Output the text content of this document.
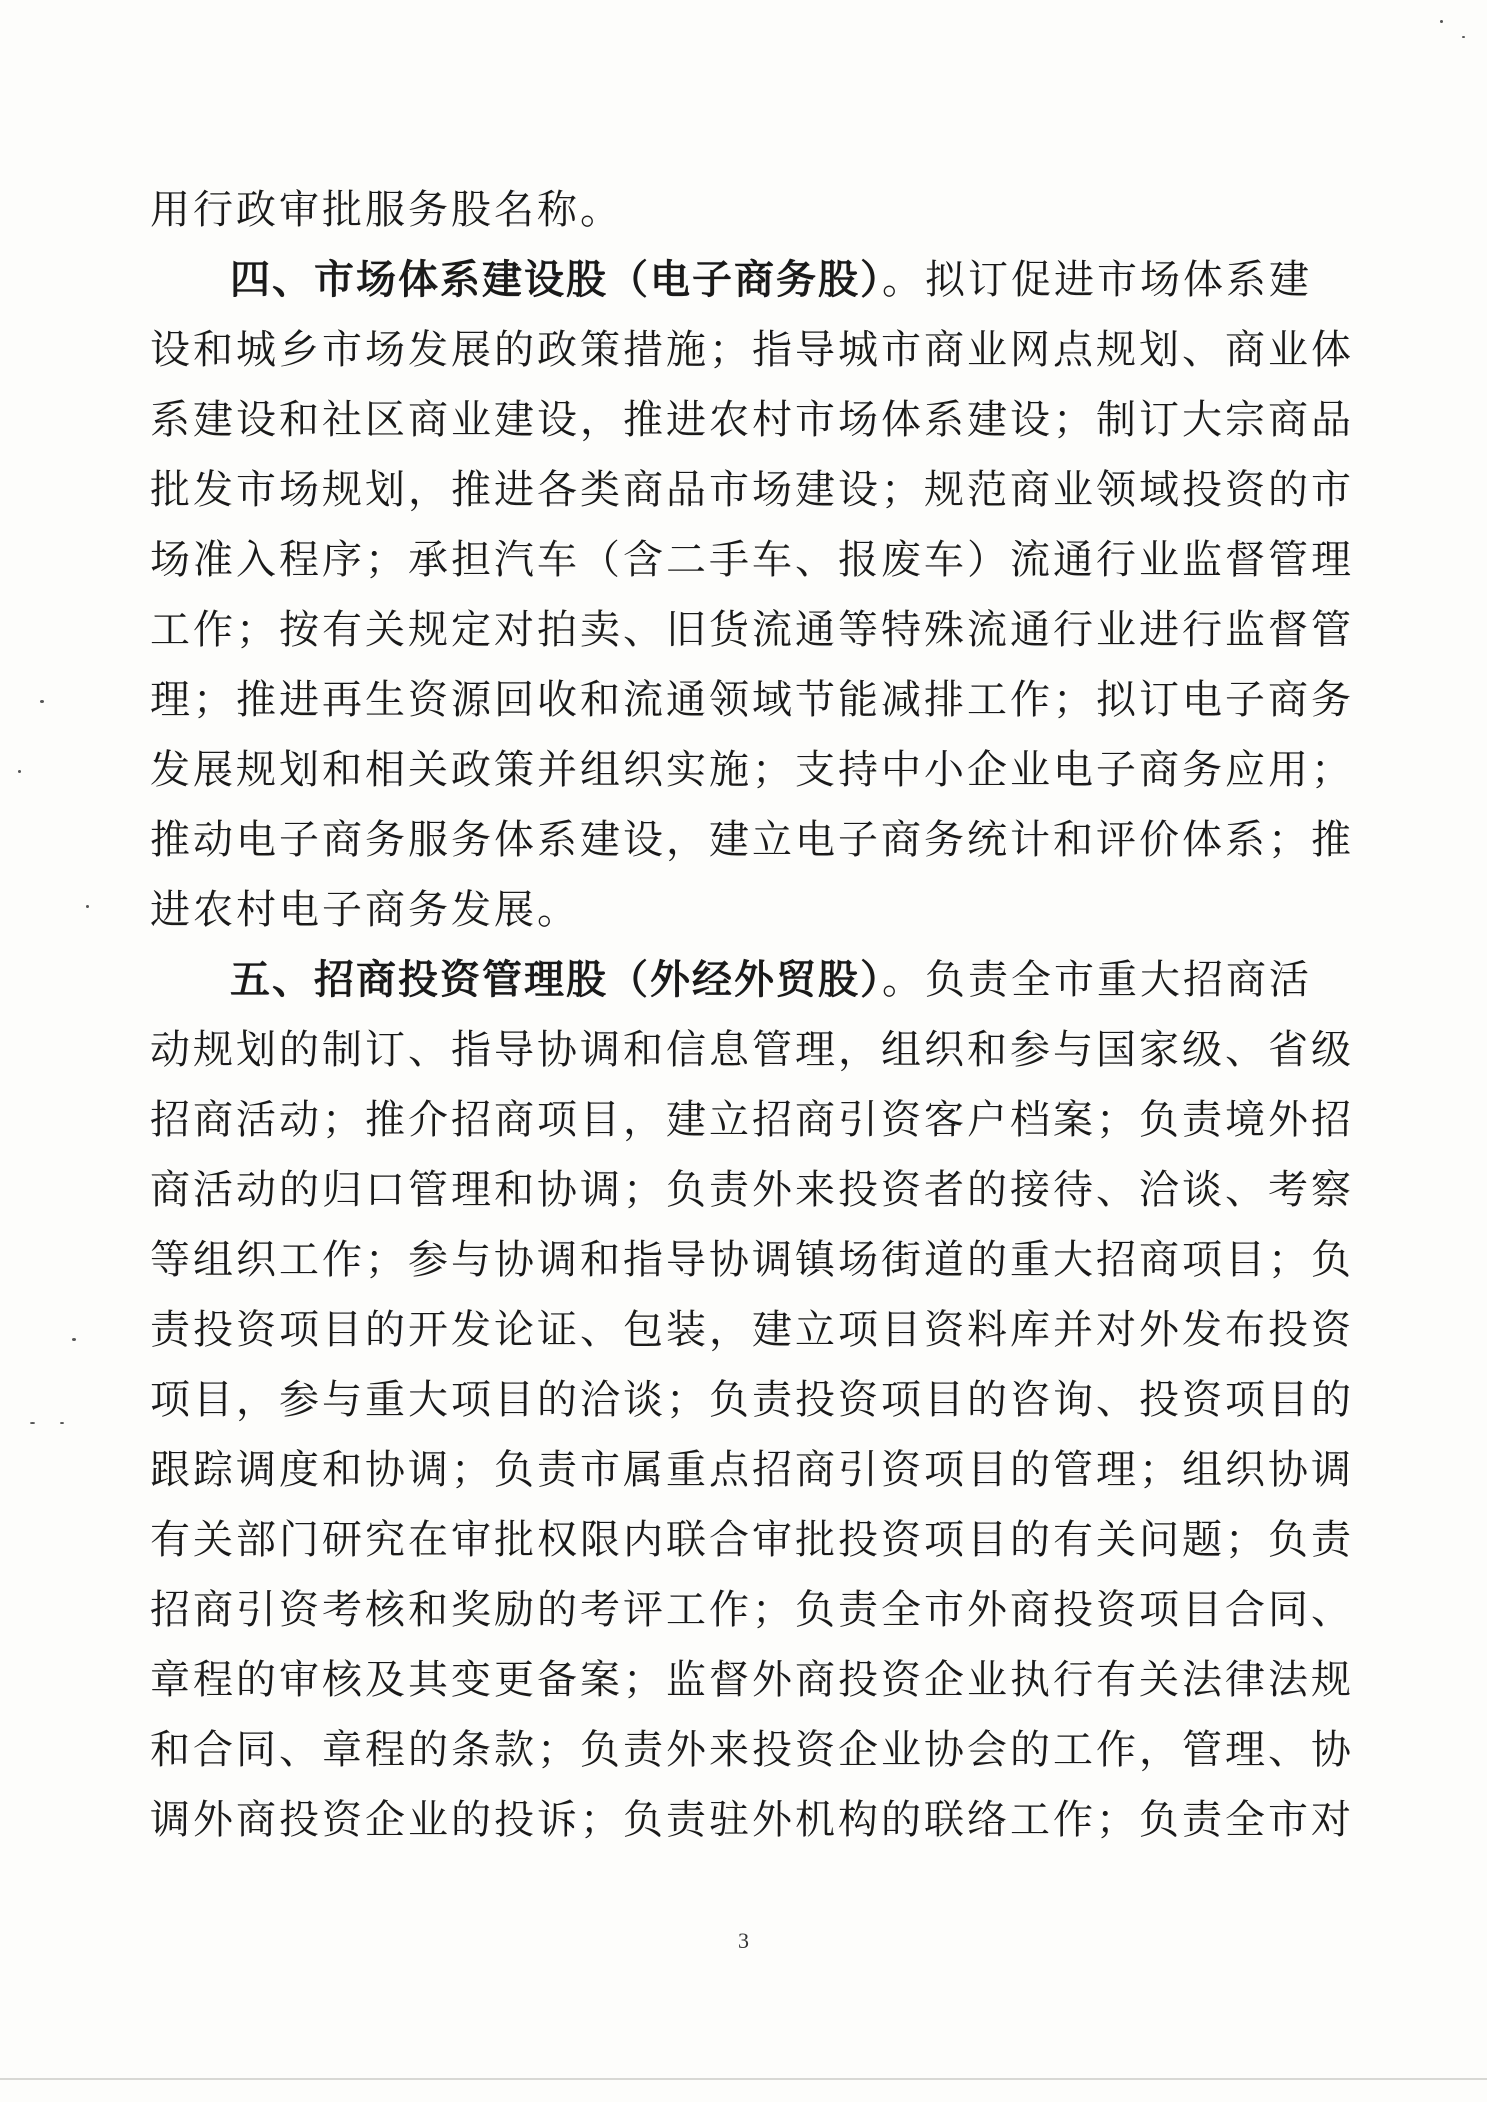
用行政审批服务股名称。
四、市场体系建设股（电子商务股）。拟订促进市场体系建
设和城乡市场发展的政策措施；指导城市商业网点规划、商业体
系建设和社区商业建设，推进农村市场体系建设；制订大宗商品
批发市场规划，推进各类商品市场建设；规范商业领域投资的市
场准入程序；承担汽车（含二手车、报废车）流通行业监督管理
工作；按有关规定对拍卖、旧货流通等特殊流通行业进行监督管
理；推进再生资源回收和流通领域节能减排工作；拟订电子商务
发展规划和相关政策并组织实施；支持中小企业电子商务应用；
推动电子商务服务体系建设，建立电子商务统计和评价体系；推
进农村电子商务发展。
五、招商投资管理股（外经外贸股）。负责全市重大招商活
动规划的制订、指导协调和信息管理，组织和参与国家级、省级
招商活动；推介招商项目，建立招商引资客户档案；负责境外招
商活动的归口管理和协调；负责外来投资者的接待、洽谈、考察
等组织工作；参与协调和指导协调镇场街道的重大招商项目；负
责投资项目的开发论证、包装，建立项目资料库并对外发布投资
项目，参与重大项目的洽谈；负责投资项目的咨询、投资项目的
跟踪调度和协调；负责市属重点招商引资项目的管理；组织协调
有关部门研究在审批权限内联合审批投资项目的有关问题；负责
招商引资考核和奖励的考评工作；负责全市外商投资项目合同、
章程的审核及其变更备案；监督外商投资企业执行有关法律法规
和合同、章程的条款；负责外来投资企业协会的工作，管理、协
调外商投资企业的投诉；负责驻外机构的联络工作；负责全市对
3
